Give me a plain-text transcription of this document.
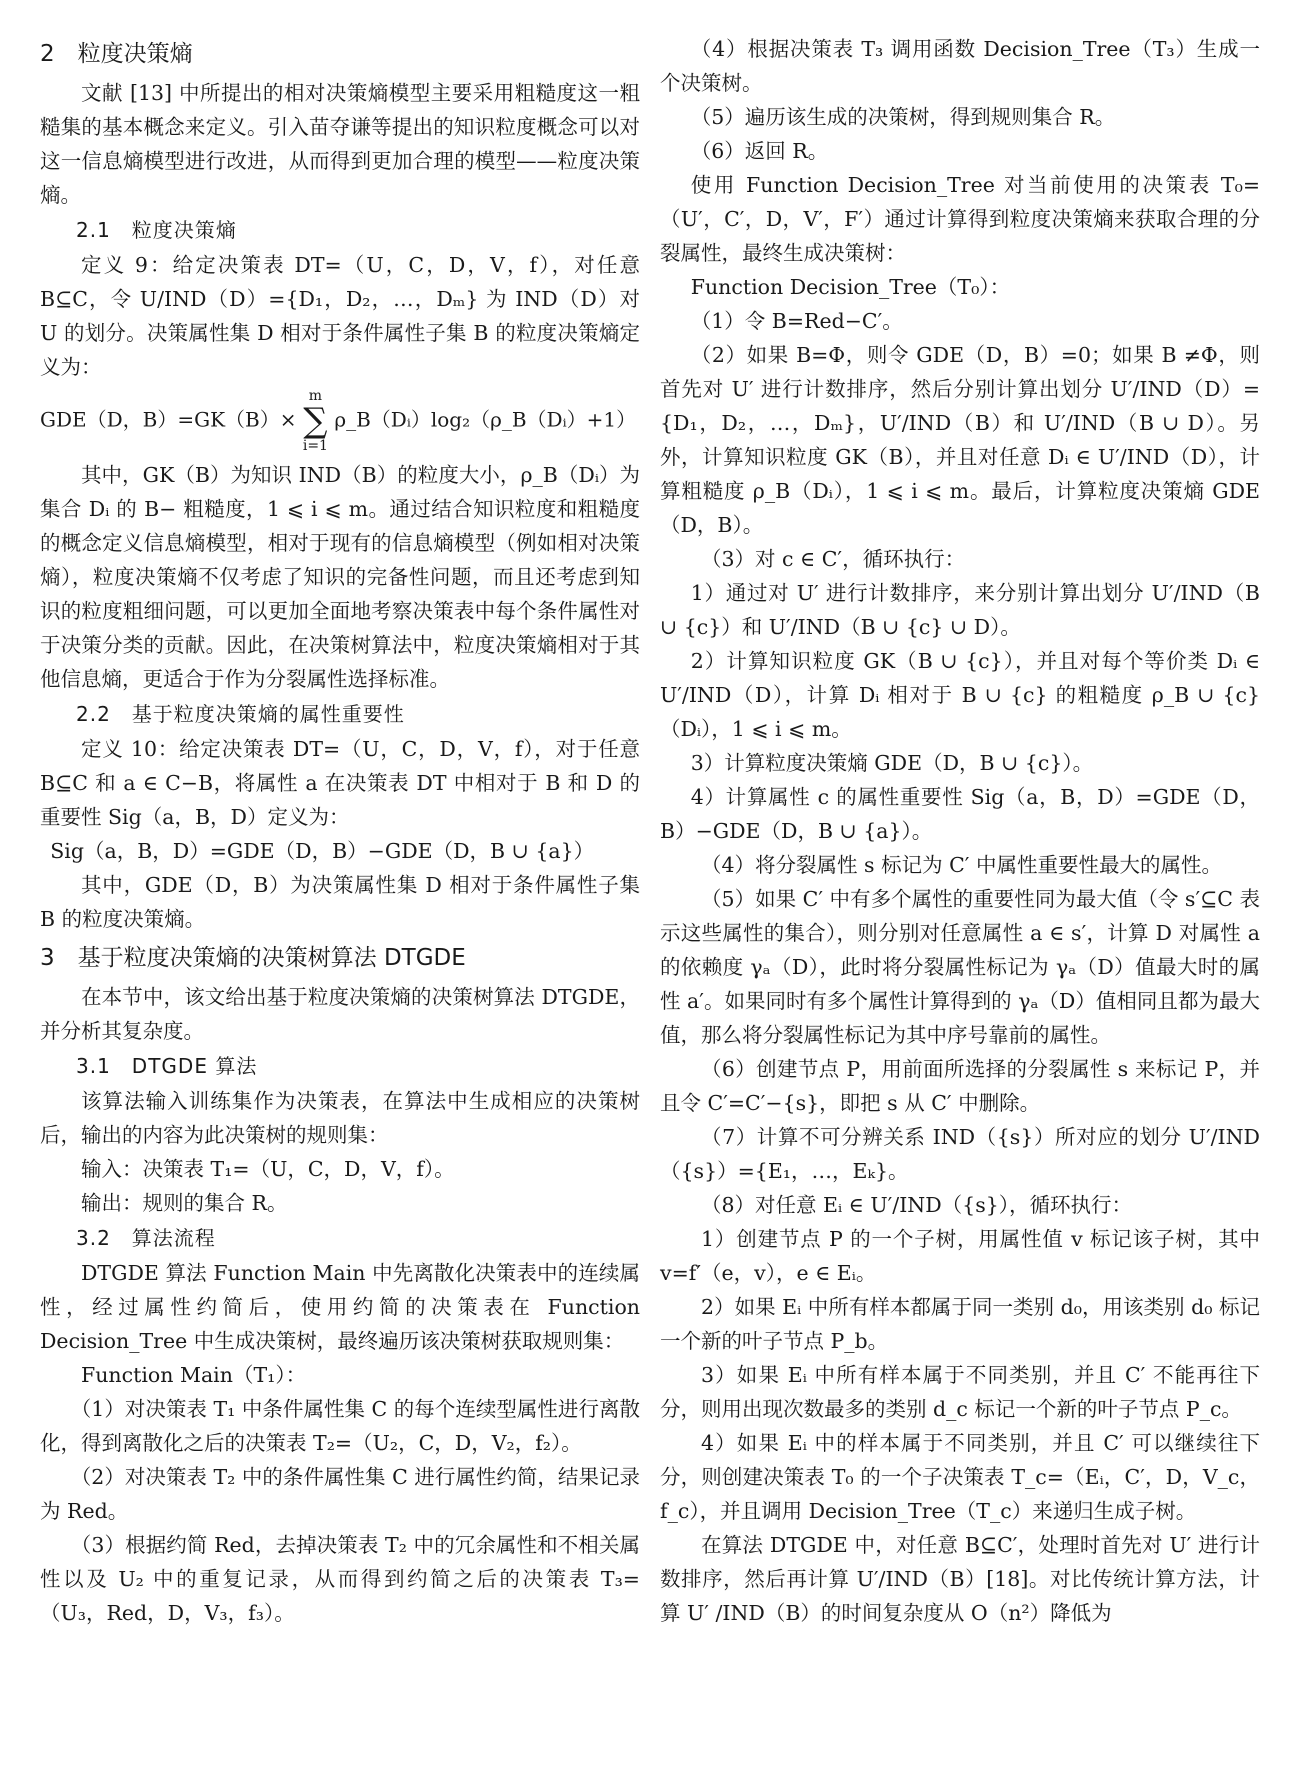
2　粒度决策熵

文献 [13] 中所提出的相对决策熵模型主要采用粗糙度这一粗糙集的基本概念来定义。引入苗夺谦等提出的知识粒度概念可以对这一信息熵模型进行改进，从而得到更加合理的模型——粒度决策熵。

2.1　粒度决策熵

定义 9：给定决策表 DT=（U，C，D，V，f），对任意 B⊆C，令 U/IND（D）={D₁，D₂，…，Dₘ} 为 IND（D）对 U 的划分。决策属性集 D 相对于条件属性子集 B 的粒度决策熵定义为：

GDE（D，B）=GK（B）× m
∑
i=1 ρ_B（Dᵢ）log₂（ρ_B（Dᵢ）+1）

其中，GK（B）为知识 IND（B）的粒度大小，ρ_B（Dᵢ）为集合 Dᵢ 的 B− 粗糙度，1 ⩽ i ⩽ m。通过结合知识粒度和粗糙度的概念定义信息熵模型，相对于现有的信息熵模型（例如相对决策熵），粒度决策熵不仅考虑了知识的完备性问题，而且还考虑到知识的粒度粗细问题，可以更加全面地考察决策表中每个条件属性对于决策分类的贡献。因此，在决策树算法中，粒度决策熵相对于其他信息熵，更适合于作为分裂属性选择标准。

2.2　基于粒度决策熵的属性重要性

定义 10：给定决策表 DT=（U，C，D，V，f），对于任意 B⊆C 和 a ∈ C−B，将属性 a 在决策表 DT 中相对于 B 和 D 的重要性 Sig（a，B，D）定义为：

Sig（a，B，D）=GDE（D，B）−GDE（D，B ∪ {a}）

其中，GDE（D，B）为决策属性集 D 相对于条件属性子集 B 的粒度决策熵。

3　基于粒度决策熵的决策树算法 DTGDE

在本节中，该文给出基于粒度决策熵的决策树算法 DTGDE，并分析其复杂度。

3.1　DTGDE 算法

该算法输入训练集作为决策表，在算法中生成相应的决策树后，输出的内容为此决策树的规则集：

输入：决策表 T₁=（U，C，D，V，f）。

输出：规则的集合 R。

3.2　算法流程

DTGDE 算法 Function Main 中先离散化决策表中的连续属性，经过属性约简后，使用约简的决策表在 Function Decision_Tree 中生成决策树，最终遍历该决策树获取规则集：

Function Main（T₁）：

（1）对决策表 T₁ 中条件属性集 C 的每个连续型属性进行离散化，得到离散化之后的决策表 T₂=（U₂，C，D，V₂，f₂）。

（2）对决策表 T₂ 中的条件属性集 C 进行属性约简，结果记录为 Red。

（3）根据约简 Red，去掉决策表 T₂ 中的冗余属性和不相关属性以及 U₂ 中的重复记录，从而得到约简之后的决策表 T₃=（U₃，Red，D，V₃，f₃）。

（4）根据决策表 T₃ 调用函数 Decision_Tree（T₃）生成一个决策树。

（5）遍历该生成的决策树，得到规则集合 R。

（6）返回 R。

使用 Function Decision_Tree 对当前使用的决策表 T₀=（U′，C′，D，V′，F′）通过计算得到粒度决策熵来获取合理的分裂属性，最终生成决策树：

Function Decision_Tree（T₀）：

（1）令 B=Red−C′。

（2）如果 B=Φ，则令 GDE（D，B）=0；如果 B ≠Φ，则首先对 U′ 进行计数排序，然后分别计算出划分 U′/IND（D）={D₁，D₂，…，Dₘ}，U′/IND（B）和 U′/IND（B ∪ D）。另外，计算知识粒度 GK（B），并且对任意 Dᵢ ∈ U′/IND（D），计算粗糙度 ρ_B（Dᵢ），1 ⩽ i ⩽ m。最后，计算粒度决策熵 GDE（D，B）。

（3）对 c ∈ C′，循环执行：

1）通过对 U′ 进行计数排序，来分别计算出划分 U′/IND（B ∪ {c}）和 U′/IND（B ∪ {c} ∪ D）。

2）计算知识粒度 GK（B ∪ {c}），并且对每个等价类 Dᵢ ∈ U′/IND（D），计算 Dᵢ 相对于 B ∪ {c} 的粗糙度 ρ_B ∪ {c}（Dᵢ），1 ⩽ i ⩽ m。

3）计算粒度决策熵 GDE（D，B ∪ {c}）。

4）计算属性 c 的属性重要性 Sig（a，B，D）=GDE（D，B）−GDE（D，B ∪ {a}）。

（4）将分裂属性 s 标记为 C′ 中属性重要性最大的属性。

（5）如果 C′ 中有多个属性的重要性同为最大值（令 s′⊆C 表示这些属性的集合），则分别对任意属性 a ∈ s′，计算 D 对属性 a 的依赖度 γₐ（D），此时将分裂属性标记为 γₐ（D）值最大时的属性 a′。如果同时有多个属性计算得到的 γₐ（D）值相同且都为最大值，那么将分裂属性标记为其中序号靠前的属性。

（6）创建节点 P，用前面所选择的分裂属性 s 来标记 P，并且令 C′=C′−{s}，即把 s 从 C′ 中删除。

（7）计算不可分辨关系 IND（{s}）所对应的划分 U′/IND（{s}）={E₁，…，Eₖ}。

（8）对任意 Eᵢ ∈ U′/IND（{s}），循环执行：

1）创建节点 P 的一个子树，用属性值 v 标记该子树，其中 v=f′（e，v），e ∈ Eᵢ。

2）如果 Eᵢ 中所有样本都属于同一类别 d₀，用该类别 d₀ 标记一个新的叶子节点 P_b。

3）如果 Eᵢ 中所有样本属于不同类别，并且 C′ 不能再往下分，则用出现次数最多的类别 d_c 标记一个新的叶子节点 P_c。

4）如果 Eᵢ 中的样本属于不同类别，并且 C′ 可以继续往下分，则创建决策表 T₀ 的一个子决策表 T_c=（Eᵢ，C′，D，V_c，f_c），并且调用 Decision_Tree（T_c）来递归生成子树。

在算法 DTGDE 中，对任意 B⊆C′，处理时首先对 U′ 进行计数排序，然后再计算 U′/IND（B）[18]。对比传统计算方法，计算 U′ /IND（B）的时间复杂度从 O（n²）降低为
